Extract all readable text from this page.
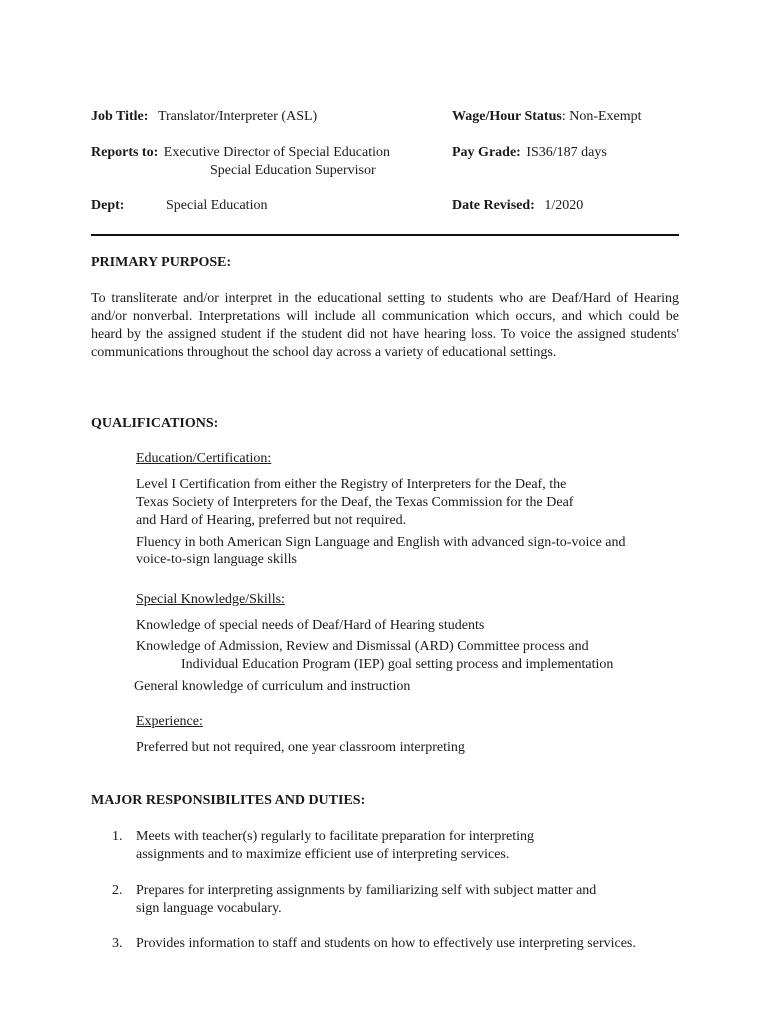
Job Title: Translator/Interpreter (ASL)	Wage/Hour Status: Non-Exempt
Reports to: Executive Director of Special Education
Special Education Supervisor
Pay Grade: IS36/187 days
Dept:	Special Education	Date Revised: 1/2020
PRIMARY PURPOSE:
To transliterate and/or interpret in the educational setting to students who are Deaf/Hard of Hearing and/or nonverbal. Interpretations will include all communication which occurs, and which could be heard by the assigned student if the student did not have hearing loss. To voice the assigned students' communications throughout the school day across a variety of educational settings.
QUALIFICATIONS:
Education/Certification:
Level I Certification from either the Registry of Interpreters for the Deaf, the
Texas Society of Interpreters for the Deaf, the Texas Commission for the Deaf
and Hard of Hearing, preferred but not required.
Fluency in both American Sign Language and English with advanced sign-to-voice and
voice-to-sign language skills
Special Knowledge/Skills:
Knowledge of special needs of Deaf/Hard of Hearing students
Knowledge of Admission, Review and Dismissal (ARD) Committee process and
Individual Education Program (IEP) goal setting process and implementation
General knowledge of curriculum and instruction
Experience:
Preferred but not required, one year classroom interpreting
MAJOR RESPONSIBILITES AND DUTIES:
1. Meets with teacher(s) regularly to facilitate preparation for interpreting
assignments and to maximize efficient use of interpreting services.
2. Prepares for interpreting assignments by familiarizing self with subject matter and
sign language vocabulary.
3. Provides information to staff and students on how to effectively use interpreting services.
